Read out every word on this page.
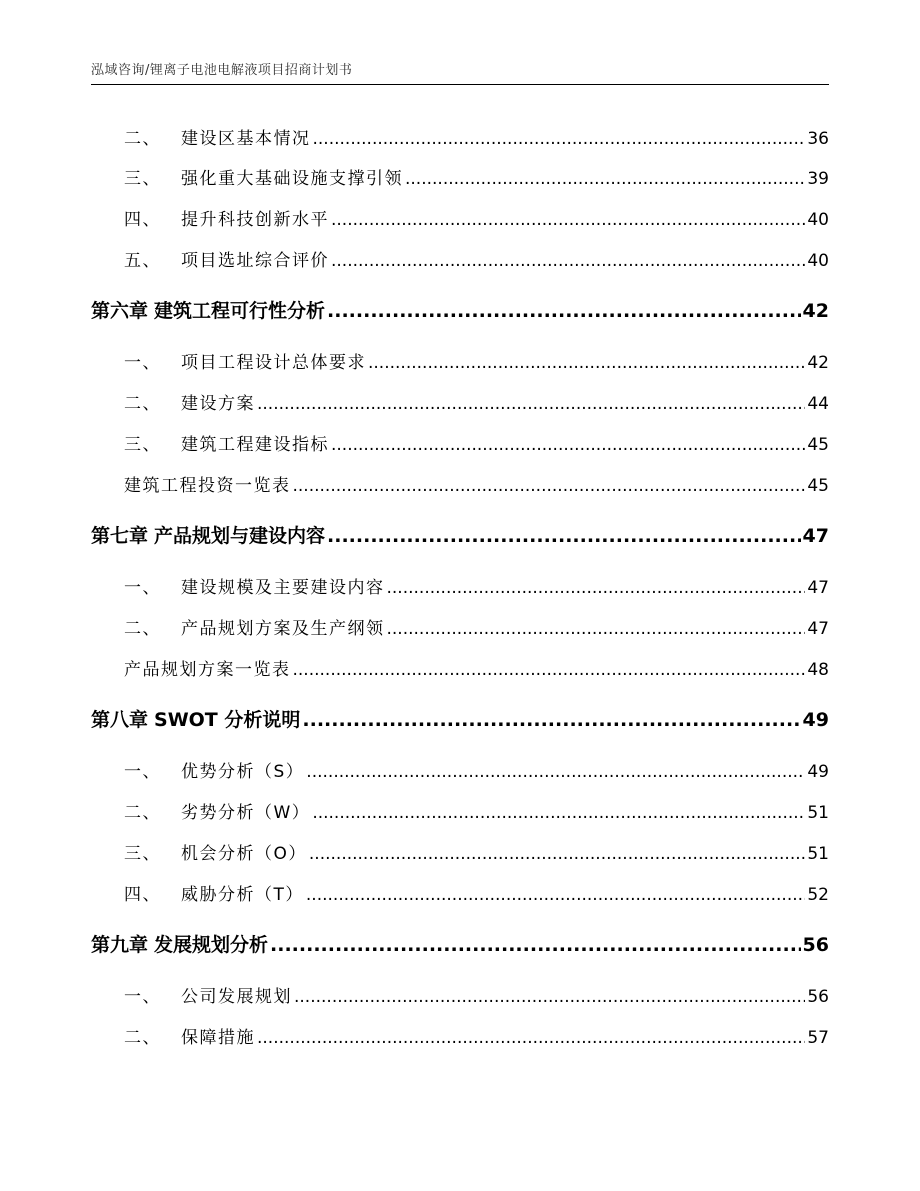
泓域咨询/锂离子电池电解液项目招商计划书
二、 建设区基本情况 .....	36
三、 强化重大基础设施支撑引领 .....	39
四、 提升科技创新水平 .....	40
五、 项目选址综合评价 .....	40
第六章 建筑工程可行性分析 .....	42
一、 项目工程设计总体要求 .....	42
二、 建设方案 .....	44
三、 建筑工程建设指标 .....	45
建筑工程投资一览表 .....	45
第七章 产品规划与建设内容 .....	47
一、 建设规模及主要建设内容 .....	47
二、 产品规划方案及生产纲领 .....	47
产品规划方案一览表 .....	48
第八章 SWOT 分析说明 .....	49
一、 优势分析（S） .....	49
二、 劣势分析（W） .....	51
三、 机会分析（O） .....	51
四、 威胁分析（T） .....	52
第九章 发展规划分析 .....	56
一、 公司发展规划 .....	56
二、 保障措施 .....	57
